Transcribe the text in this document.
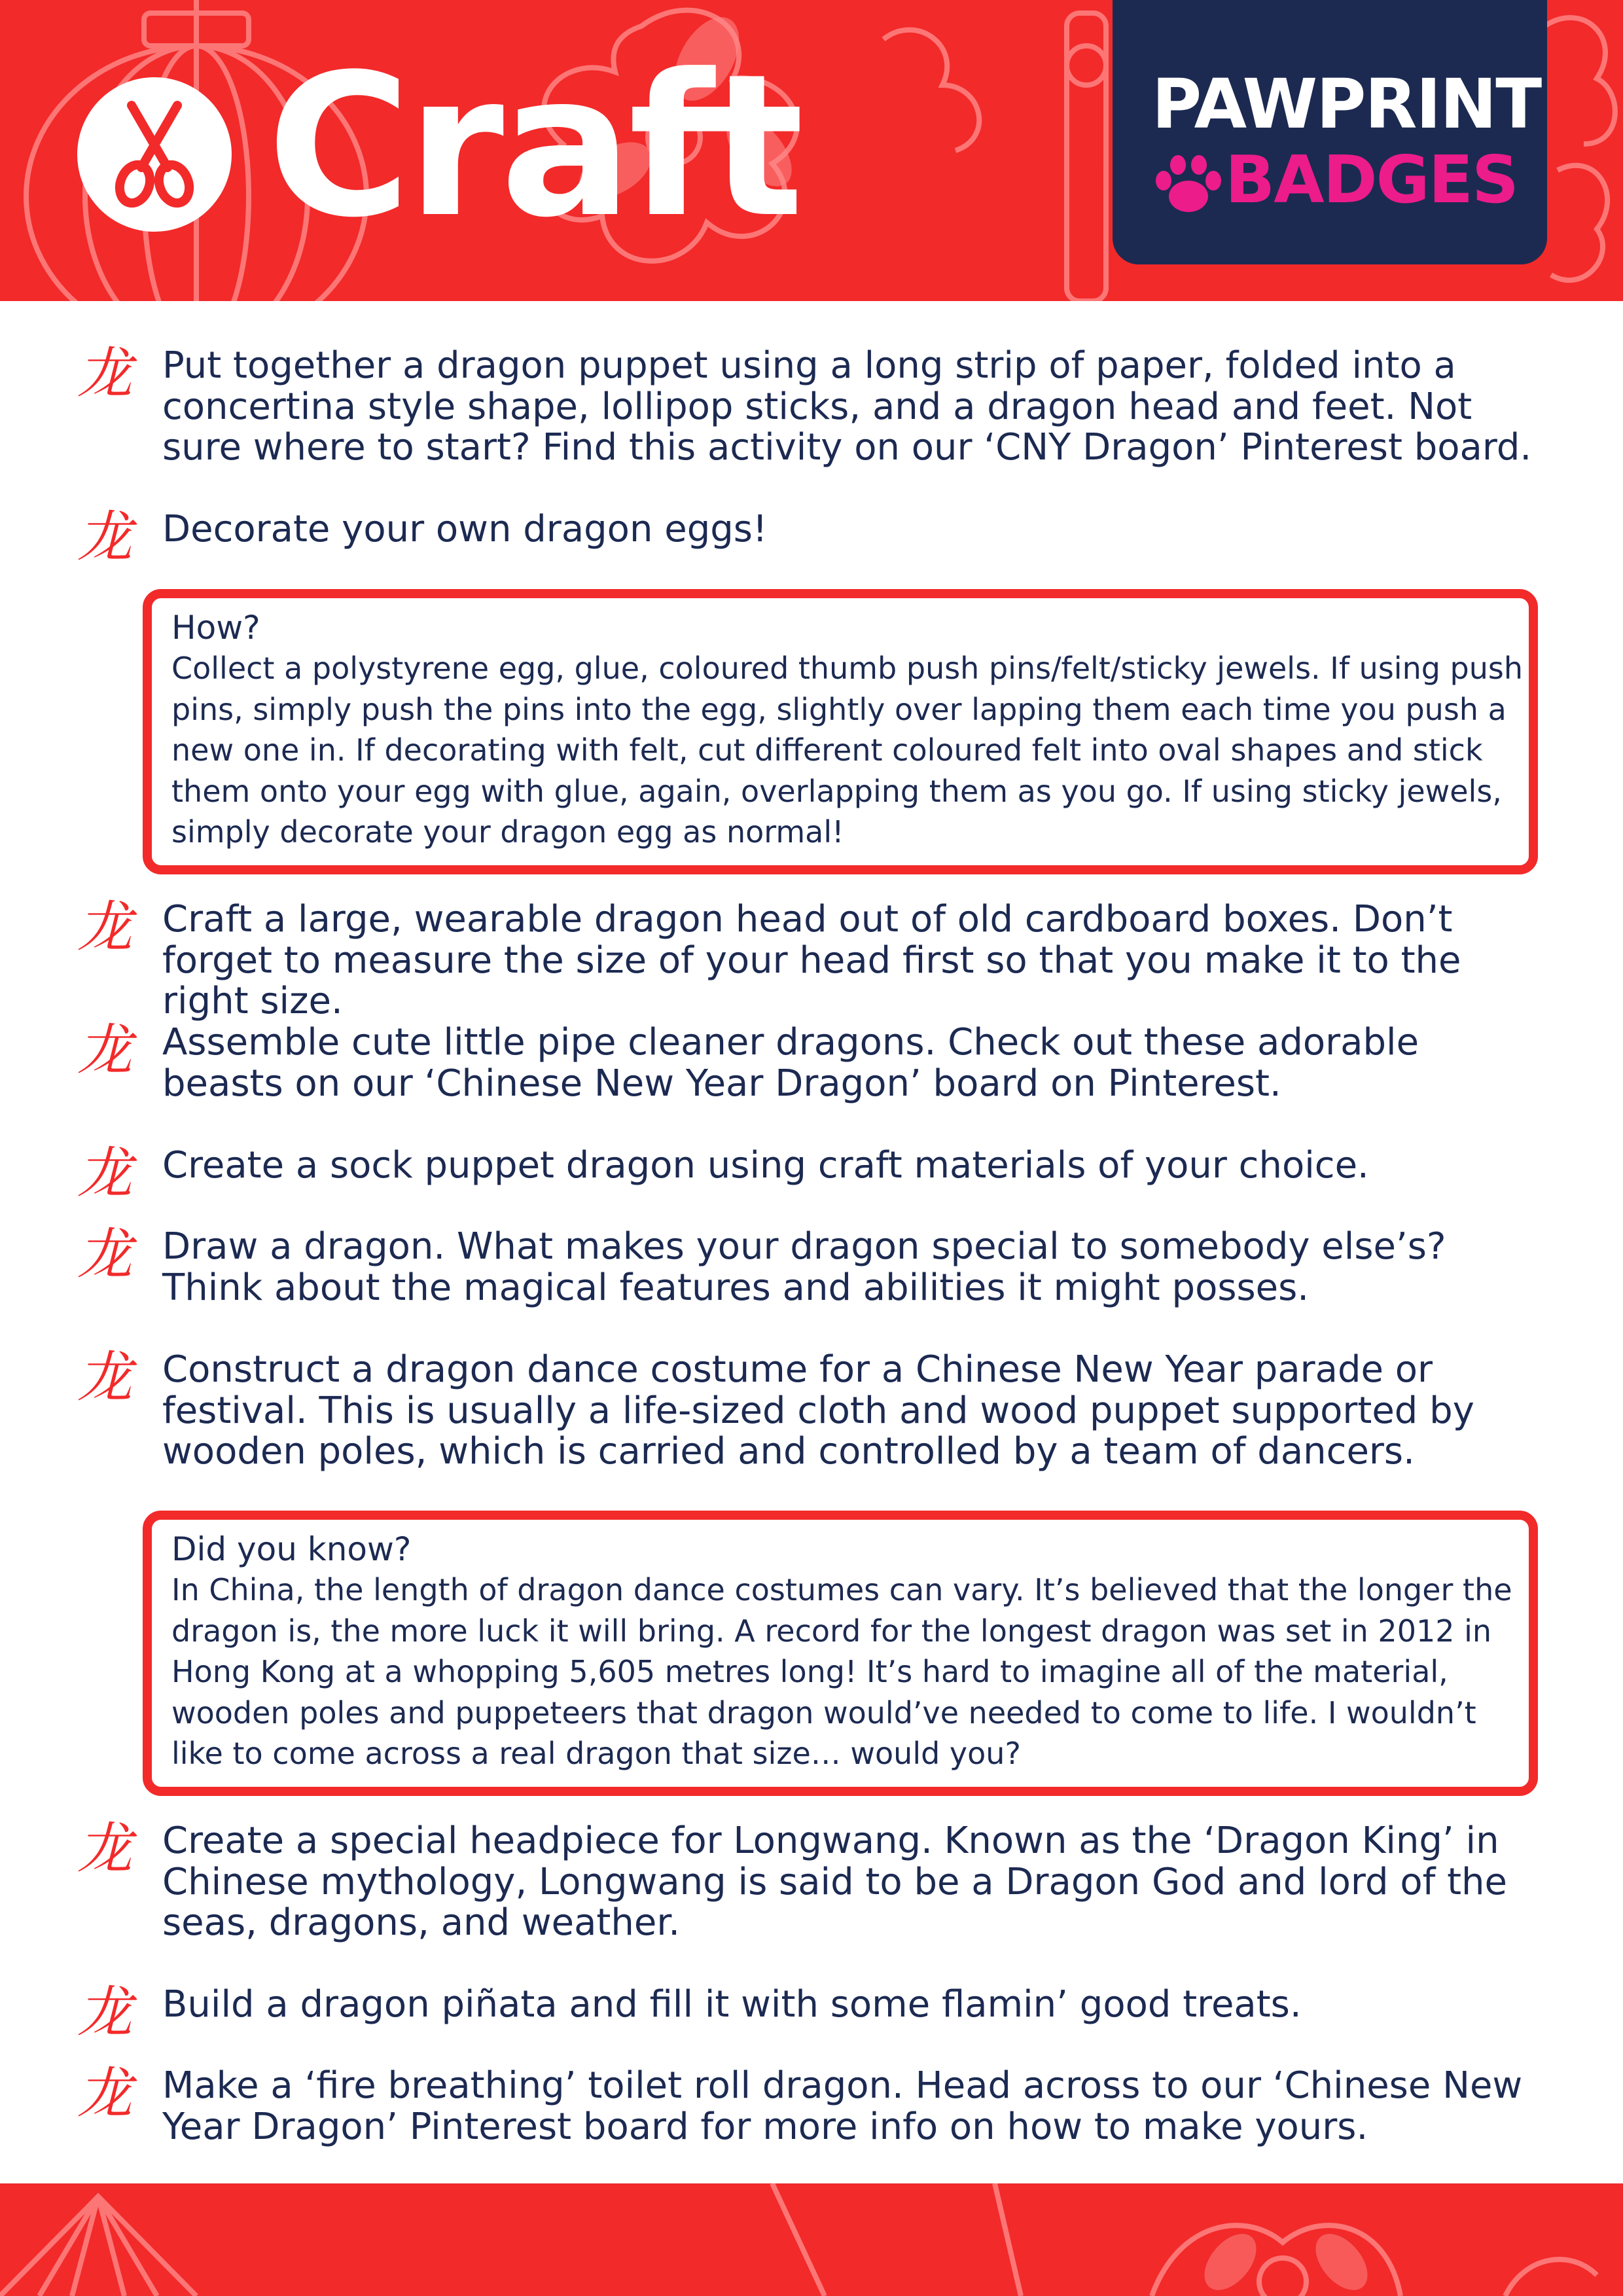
Craft	PAWPRINT
BADGES
龙 Put together a dragon puppet using a long strip of paper, folded into a concertina style shape, lollipop sticks, and a dragon head and feet. Not sure where to start? Find this activity on our ‘CNY Dragon’ Pinterest board.
龙 Decorate your own dragon eggs!
How?
Collect a polystyrene egg, glue, coloured thumb push pins/felt/sticky jewels. If using push pins, simply push the pins into the egg, slightly over lapping them each time you push a new one in. If decorating with felt, cut different coloured felt into oval shapes and stick them onto your egg with glue, again, overlapping them as you go. If using sticky jewels, simply decorate your dragon egg as normal!
龙 Craft a large, wearable dragon head out of old cardboard boxes. Don’t forget to measure the size of your head first so that you make it to the right size.
龙 Assemble cute little pipe cleaner dragons. Check out these adorable beasts on our ‘Chinese New Year Dragon’ board on Pinterest.
龙 Create a sock puppet dragon using craft materials of your choice.
龙 Draw a dragon. What makes your dragon special to somebody else’s? Think about the magical features and abilities it might posses.
龙 Construct a dragon dance costume for a Chinese New Year parade or festival. This is usually a life-sized cloth and wood puppet supported by wooden poles, which is carried and controlled by a team of dancers.
Did you know?
In China, the length of dragon dance costumes can vary. It’s believed that the longer the dragon is, the more luck it will bring. A record for the longest dragon was set in 2012 in Hong Kong at a whopping 5,605 metres long! It’s hard to imagine all of the material, wooden poles and puppeteers that dragon would’ve needed to come to life. I wouldn’t like to come across a real dragon that size… would you?
龙 Create a special headpiece for Longwang. Known as the ‘Dragon King’ in Chinese mythology, Longwang is said to be a Dragon God and lord of the seas, dragons, and weather.
龙 Build a dragon piñata and fill it with some flamin’ good treats.
龙 Make a ‘fire breathing’ toilet roll dragon. Head across to our ‘Chinese New Year Dragon’ Pinterest board for more info on how to make yours.
